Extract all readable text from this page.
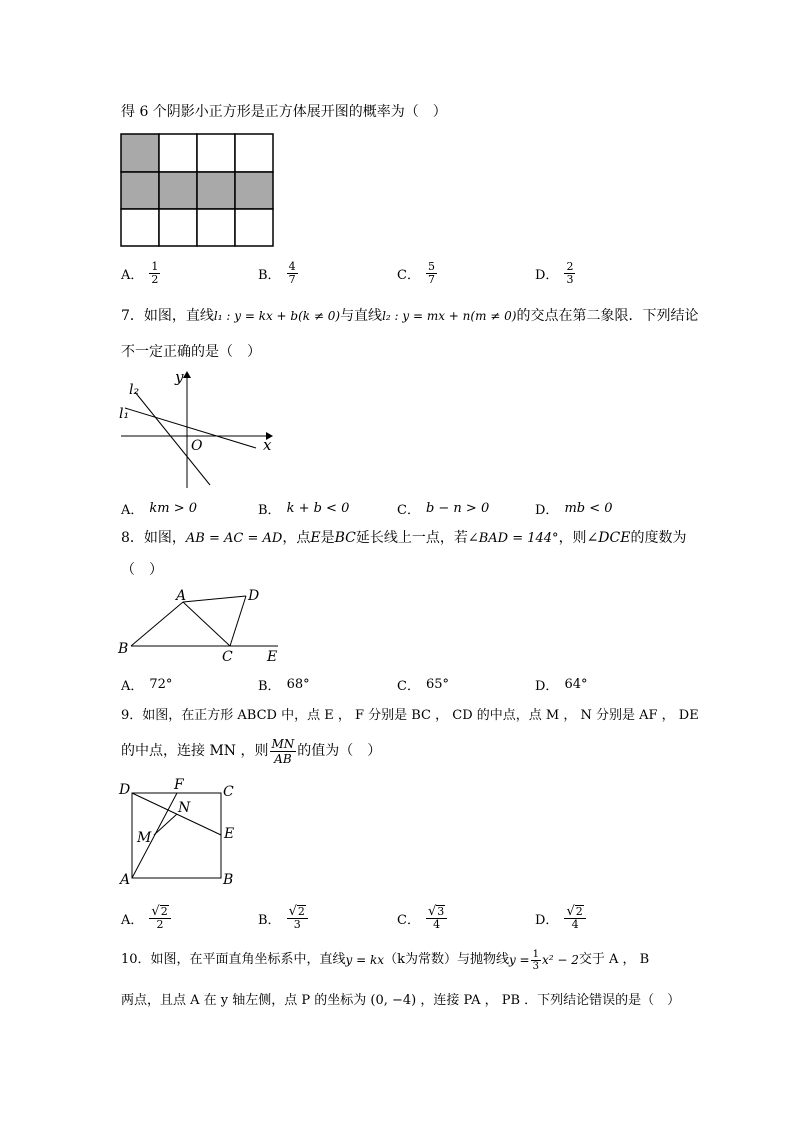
得 6 个阴影小正方形是正方体展开图的概率为（　）
A． $\frac{1}{2}$	B． $\frac{4}{7}$	C． $\frac{5}{7}$	D． $\frac{2}{3}$
7．如图，直线l₁ : y = kx + b(k ≠ 0)与直线l₂ : y = mx + n(m ≠ 0)的交点在第二象限．下列结论
不一定正确的是（　）
y
x
O
l₂
l₁
A． km > 0	B． k + b < 0	C． b − n > 0	D． mb < 0
8．如图，AB = AC = AD，点E是BC延长线上一点，若∠BAD = 144°，则∠DCE的度数为
（　）
A
B	C
D
E
A． 72°	B． 68°	C． 65°	D． 64°
9．如图，在正方形 ABCD 中，点 E ， F 分别是 BC ， CD 的中点，点 M ， N 分别是 AF ， DE
的中点，连接 MN ，则 $\frac{MN}{AB}$ 的值为（　）
D	C
F
N
E
M
A	B
A． $\frac{√ 2}{2}$	B． $\frac{√ 2}{3}$	C． $\frac{√ 3}{4}$	D． $\frac{√ 2}{4}$
10．如图，在平面直角坐标系中，直线 y = kx （k为常数）与抛物线 $y = \frac{1}{3} x^2 - 2$ 交于 A ， B
两点，且点 A 在 y 轴左侧，点 P 的坐标为 (0, −4) ，连接 PA ， PB ．下列结论错误的是（　）
